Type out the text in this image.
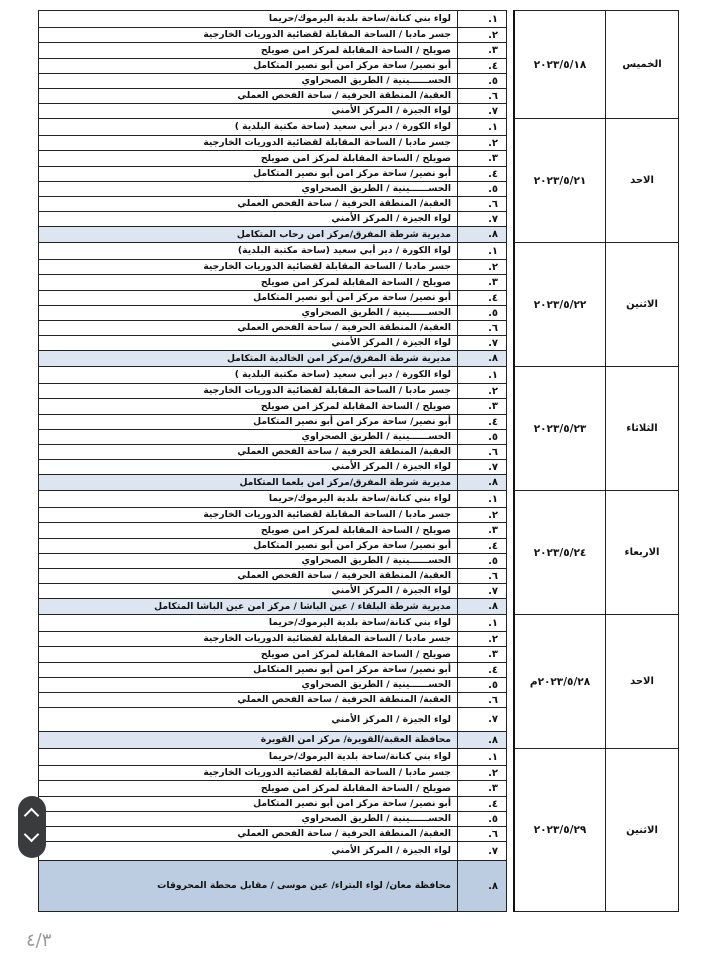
لواء بني كنانة/ساحة بلدية اليرموك/حريما	١.		٢٠٢٣/٥/١٨	الخميس
جسر مادبا / الساحة المقابلة لقضائية الدوريات الخارجية	٢.			
صويلح / الساحة المقابلة لمركز امن صويلح	٣.			
أبو نصير/ ساحة مركز امن أبو نصير المتكامل	٤.			
الحســــــينية / الطريق الصحراوي	٥.			
العقبة/ المنطقة الحرفية / ساحة الفحص العملي	٦.			
لواء الجيزة / المركز الأمني	٧.			
لواء الكورة / دير أبي سعيد (ساحة مكتبة البلدية )	١.		٢٠٢٣/٥/٢١	الاحد
جسر مادبا / الساحة المقابلة لقضائية الدوريات الخارجية	٢.			
صويلح / الساحة المقابلة لمركز امن صويلح	٣.			
أبو نصير/ ساحة مركز امن أبو نصير المتكامل	٤.			
الحســــــينية / الطريق الصحراوي	٥.			
العقبة/ المنطقة الحرفية / ساحة الفحص العملي	٦.			
لواء الجيزة / المركز الأمني	٧.			
مديرية شرطة المفرق/مركز امن رحاب المتكامل	٨.			
لواء الكورة / دير أبي سعيد (ساحة مكتبة البلدية)	١.		٢٠٢٣/٥/٢٢	الاثنين
جسر مادبا / الساحة المقابلة لقضائية الدوريات الخارجية	٢.			
صويلح / الساحة المقابلة لمركز امن صويلح	٣.			
أبو نصير/ ساحة مركز امن أبو نصير المتكامل	٤.			
الحســــــينية / الطريق الصحراوي	٥.			
العقبة/ المنطقة الحرفية / ساحة الفحص العملي	٦.			
لواء الجيزة / المركز الأمني	٧.			
مديرية شرطة المفرق/مركز امن الخالدية المتكامل	٨.			
لواء الكورة / دير أبي سعيد (ساحة مكتبة البلدية )	١.		٢٠٢٣/٥/٢٣	الثلاثاء
جسر مادبا / الساحة المقابلة لقضائية الدوريات الخارجية	٢.			
صويلح / الساحة المقابلة لمركز امن صويلح	٣.			
أبو نصير/ ساحة مركز امن أبو نصير المتكامل	٤.			
الحســــــينية / الطريق الصحراوي	٥.			
العقبة/ المنطقة الحرفية / ساحة الفحص العملي	٦.			
لواء الجيزة / المركز الأمني	٧.			
مديرية شرطة المفرق/مركز امن بلعما المتكامل	٨.			
لواء بني كنانة/ساحة بلدية اليرموك/حريما	١.		٢٠٢٣/٥/٢٤	الاربعاء
جسر مادبا / الساحة المقابلة لقضائية الدوريات الخارجية	٢.			
صويلح / الساحة المقابلة لمركز امن صويلح	٣.			
أبو نصير/ ساحة مركز امن أبو نصير المتكامل	٤.			
الحســــــينية / الطريق الصحراوي	٥.			
العقبة/ المنطقة الحرفية / ساحة الفحص العملي	٦.			
لواء الجيزة / المركز الأمني	٧.			
مديرية شرطة البلقاء / عين الباشا / مركز امن عين الباشا المتكامل	٨.			
لواء بني كنانة/ساحة بلدية اليرموك/حريما	١.		٢٠٢٣/٥/٢٨م	الاحد
جسر مادبا / الساحة المقابلة لقضائية الدوريات الخارجية	٢.			
صويلح / الساحة المقابلة لمركز امن صويلح	٣.			
أبو نصير/ ساحة مركز امن أبو نصير المتكامل	٤.			
الحســــــينية / الطريق الصحراوي	٥.			
العقبة/ المنطقة الحرفية / ساحة الفحص العملي	٦.			
لواء الجيزة / المركز الأمني	٧.			
محافظة العقبة/القويرة/ مركز امن القويرة	٨.			
لواء بني كنانة/ساحة بلدية اليرموك/حريما	١.		٢٠٢٣/٥/٢٩	الاثنين
جسر مادبا / الساحة المقابلة لقضائية الدوريات الخارجية	٢.			
صويلح / الساحة المقابلة لمركز امن صويلح	٣.			
أبو نصير/ ساحة مركز امن أبو نصير المتكامل	٤.			
الحســــــينية / الطريق الصحراوي	٥.			
العقبة/ المنطقة الحرفية / ساحة الفحص العملي	٦.			
لواء الجيزة / المركز الأمني	٧.			
محافظة معان/ لواء البتراء/ عين موسى / مقابل محطة المحروقات	٨.			
٤/٣
